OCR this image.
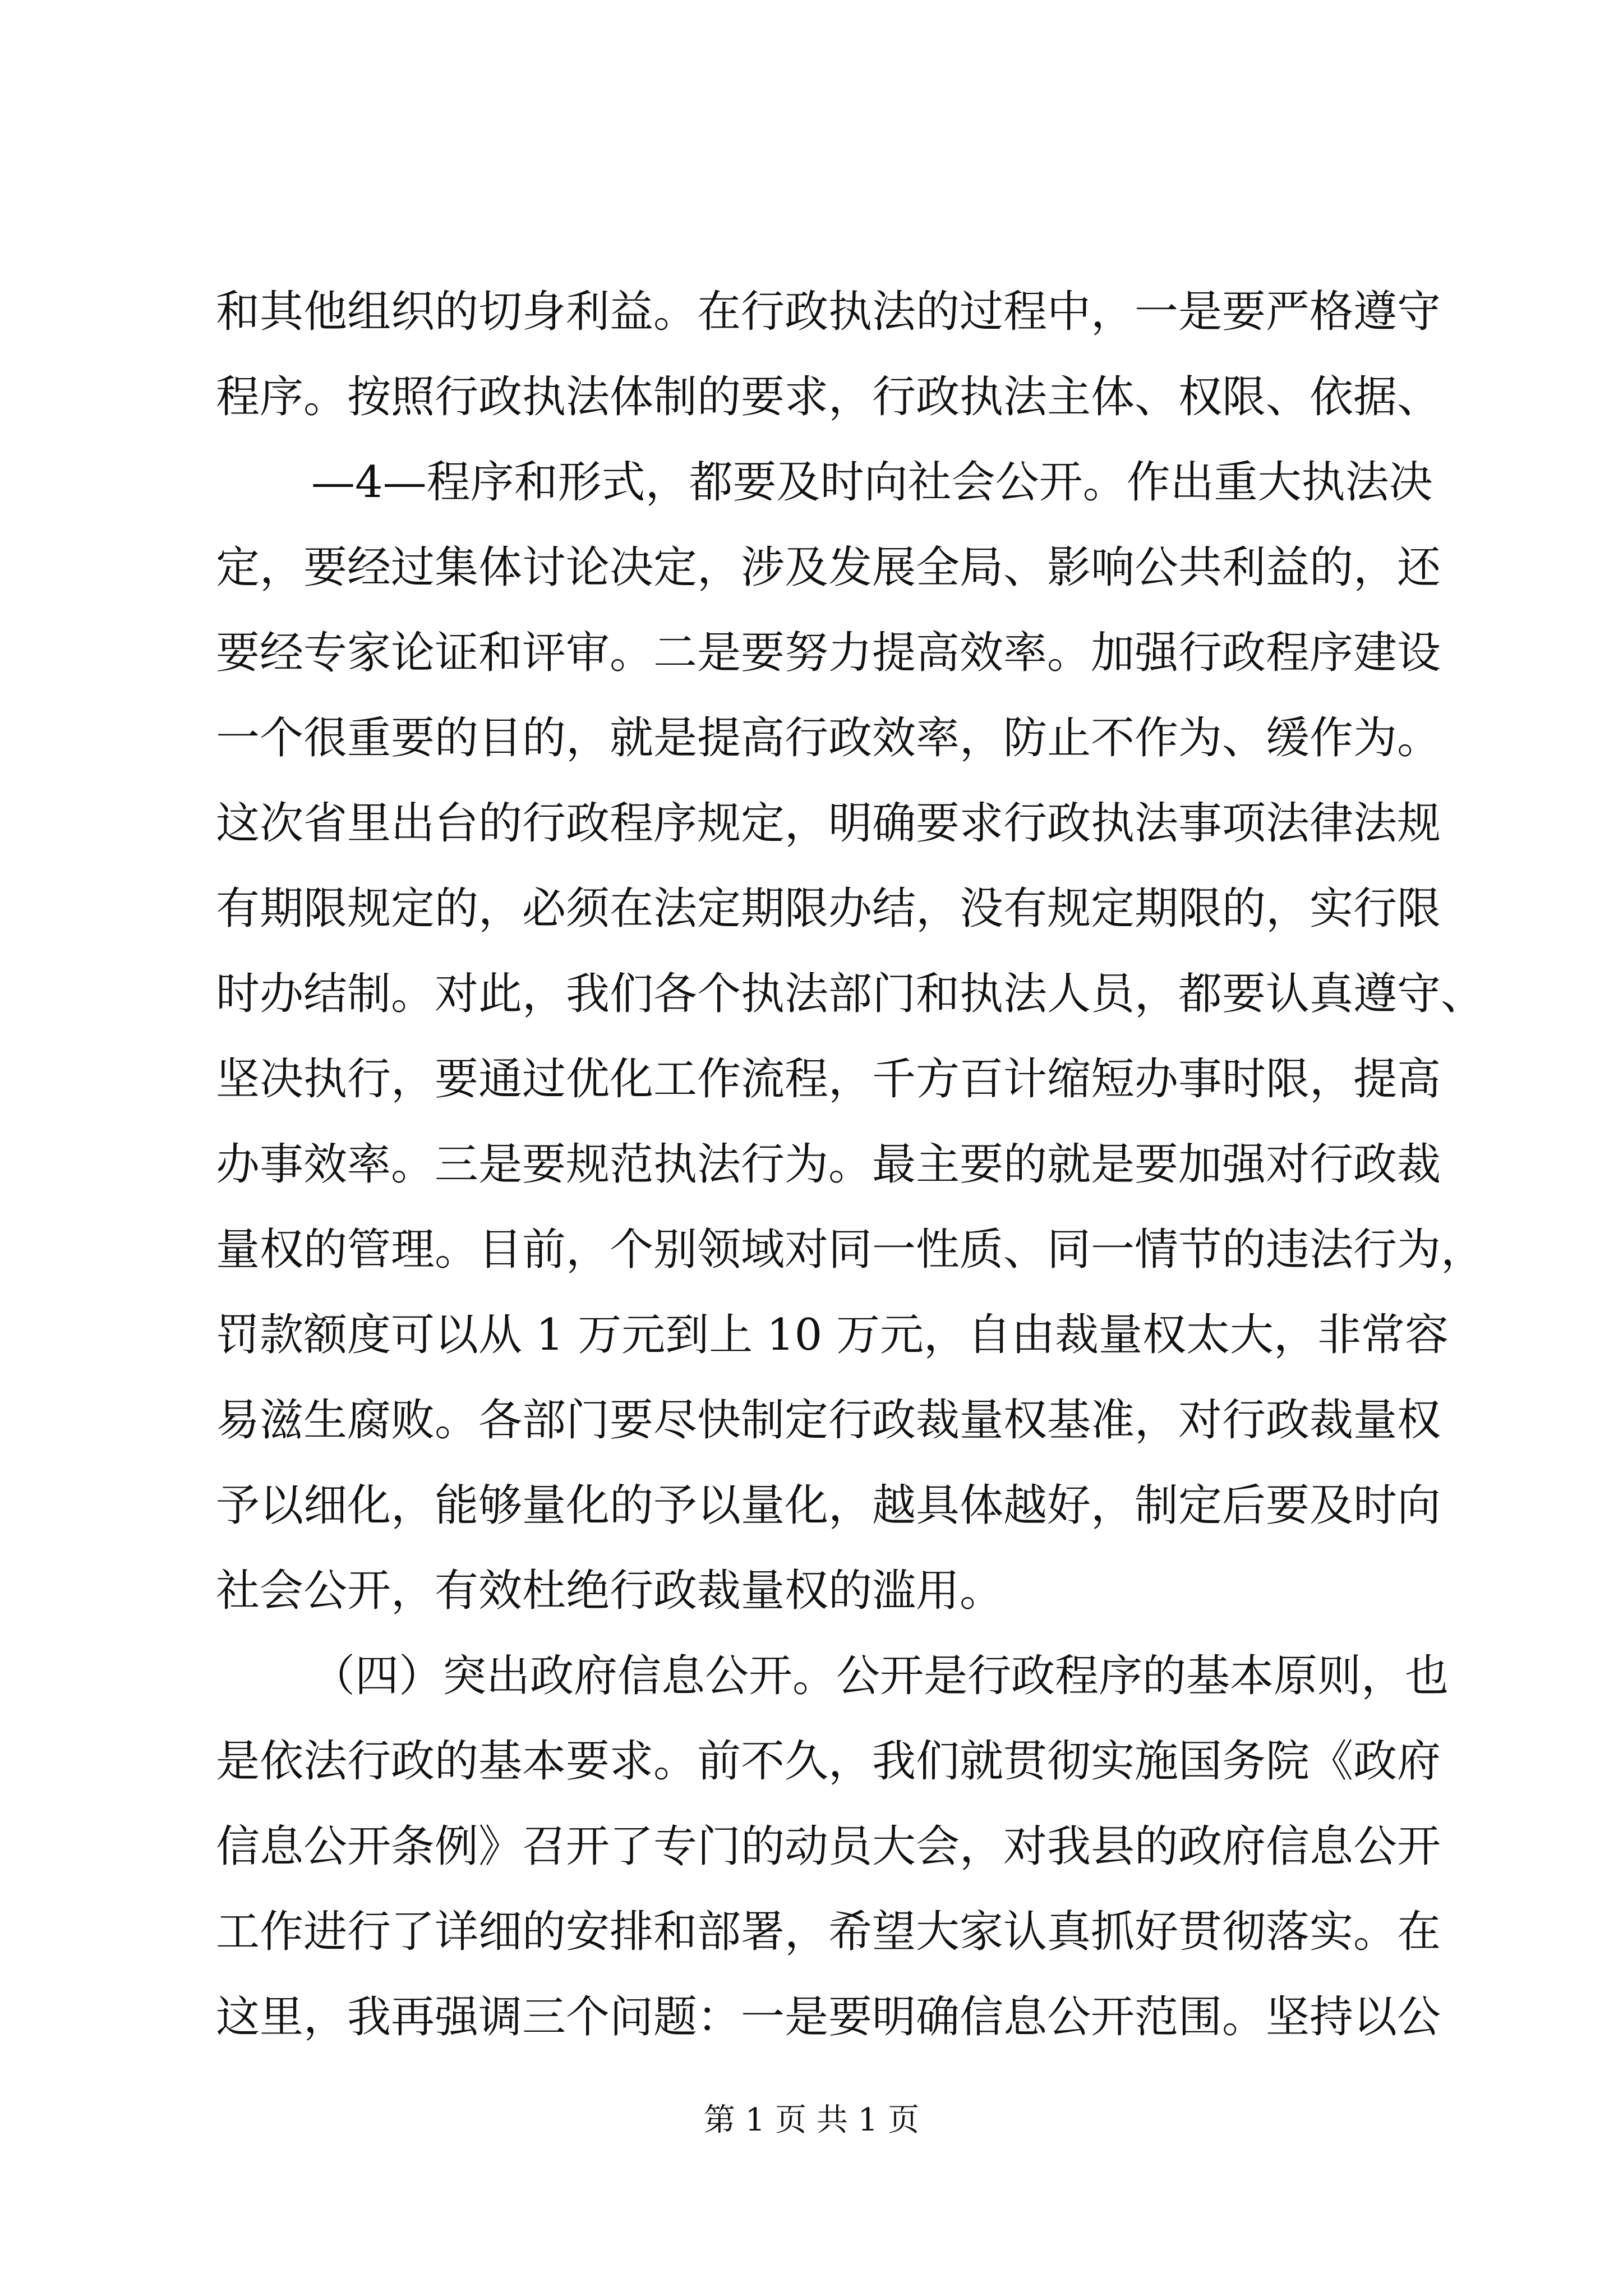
和其他组织的切身利益。在行政执法的过程中，一是要严格遵守
程序。按照行政执法体制的要求，行政执法主体、权限、依据、
—4—程序和形式，都要及时向社会公开。作出重大执法决
定，要经过集体讨论决定，涉及发展全局、影响公共利益的，还
要经专家论证和评审。二是要努力提高效率。加强行政程序建设
一个很重要的目的，就是提高行政效率，防止不作为、缓作为。
这次省里出台的行政程序规定，明确要求行政执法事项法律法规
有期限规定的，必须在法定期限办结，没有规定期限的，实行限
时办结制。对此，我们各个执法部门和执法人员，都要认真遵守、
坚决执行，要通过优化工作流程，千方百计缩短办事时限，提高
办事效率。三是要规范执法行为。最主要的就是要加强对行政裁
量权的管理。目前，个别领域对同一性质、同一情节的违法行为，
罚款额度可以从 1 万元到上 10 万元，自由裁量权太大，非常容
易滋生腐败。各部门要尽快制定行政裁量权基准，对行政裁量权
予以细化，能够量化的予以量化，越具体越好，制定后要及时向
社会公开，有效杜绝行政裁量权的滥用。
（四）突出政府信息公开。公开是行政程序的基本原则，也
是依法行政的基本要求。前不久，我们就贯彻实施国务院《政府
信息公开条例》召开了专门的动员大会，对我县的政府信息公开
工作进行了详细的安排和部署，希望大家认真抓好贯彻落实。在
这里，我再强调三个问题：一是要明确信息公开范围。坚持以公
第 1 页 共 1 页
